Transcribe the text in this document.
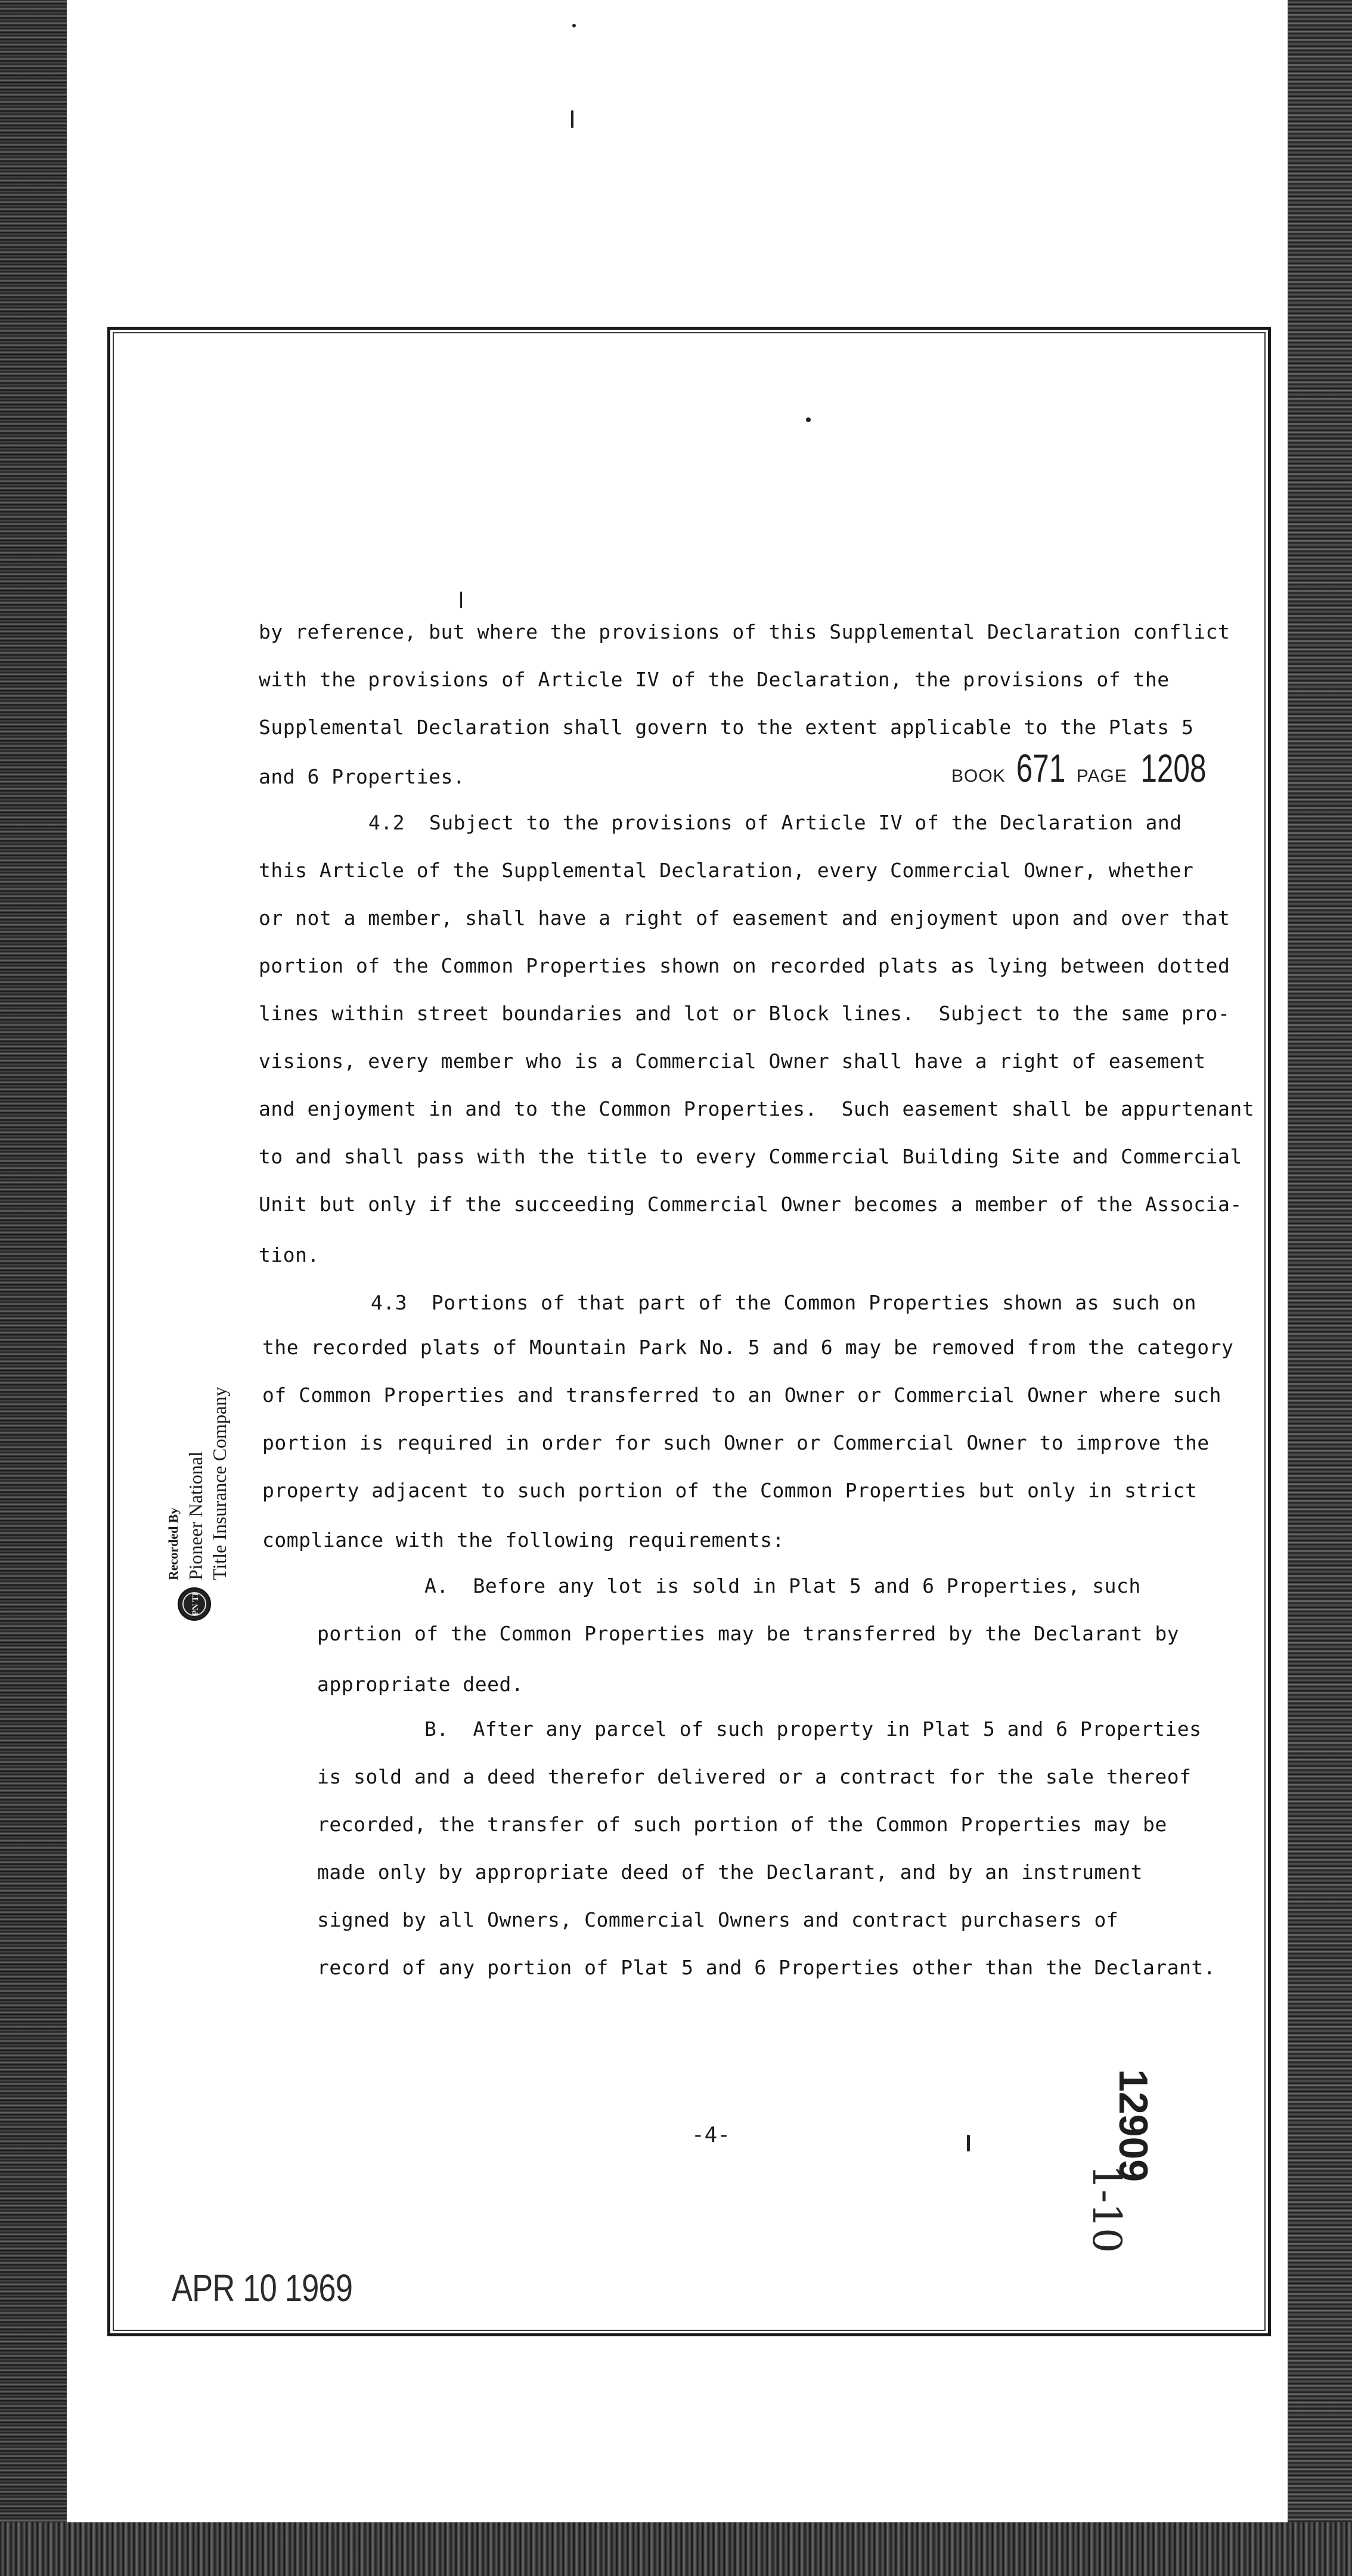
by reference, but where the provisions of this Supplemental Declaration conflict
with the provisions of Article IV of the Declaration, the provisions of the
Supplemental Declaration shall govern to the extent applicable to the Plats 5
and 6 Properties.
4.2  Subject to the provisions of Article IV of the Declaration and
this Article of the Supplemental Declaration, every Commercial Owner, whether
or not a member, shall have a right of easement and enjoyment upon and over that
portion of the Common Properties shown on recorded plats as lying between dotted
lines within street boundaries and lot or Block lines.  Subject to the same pro-
visions, every member who is a Commercial Owner shall have a right of easement
and enjoyment in and to the Common Properties.  Such easement shall be appurtenant
to and shall pass with the title to every Commercial Building Site and Commercial
Unit but only if the succeeding Commercial Owner becomes a member of the Associa-
tion.
4.3  Portions of that part of the Common Properties shown as such on
the recorded plats of Mountain Park No. 5 and 6 may be removed from the category
of Common Properties and transferred to an Owner or Commercial Owner where such
portion is required in order for such Owner or Commercial Owner to improve the
property adjacent to such portion of the Common Properties but only in strict
compliance with the following requirements:
A.  Before any lot is sold in Plat 5 and 6 Properties, such
portion of the Common Properties may be transferred by the Declarant by
appropriate deed.
B.  After any parcel of such property in Plat 5 and 6 Properties
is sold and a deed therefor delivered or a contract for the sale thereof
recorded, the transfer of such portion of the Common Properties may be
made only by appropriate deed of the Declarant, and by an instrument
signed by all Owners, Commercial Owners and contract purchasers of
record of any portion of Plat 5 and 6 Properties other than the Declarant.
BOOK 671 PAGE 1208
PN TI
Recorded By Pioneer National Title Insurance Company
-4-
APR 10 1969
12909
1-10
